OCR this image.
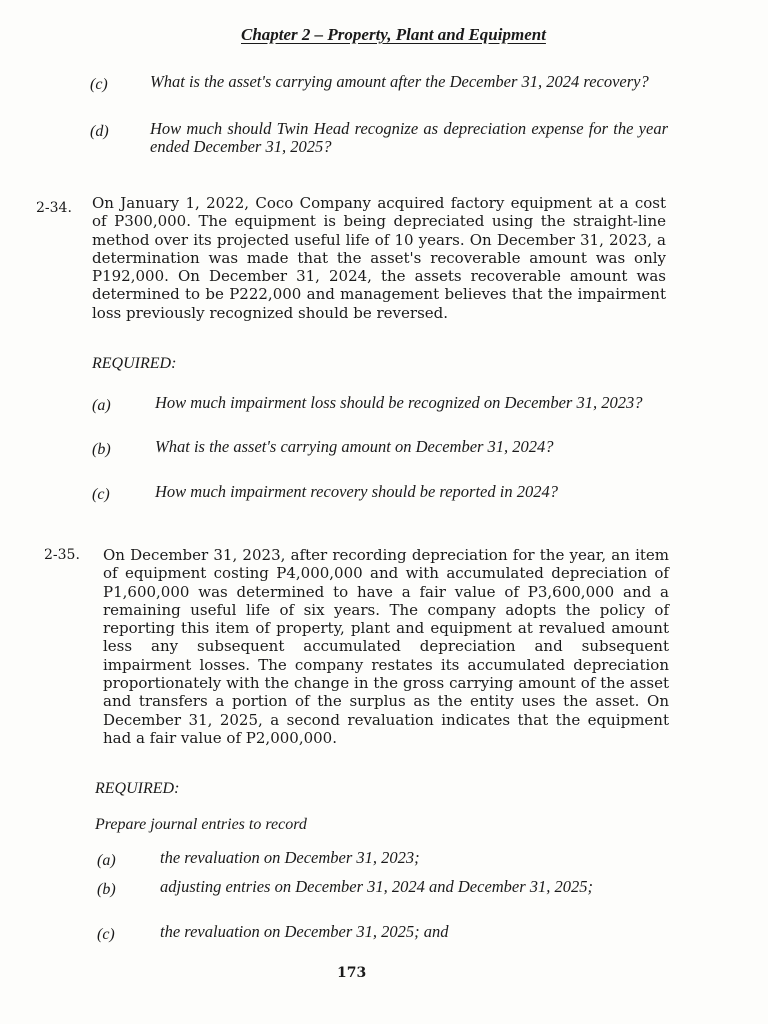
Chapter 2 – Property, Plant and Equipment
(c)	What is the asset's carrying amount after the December 31, 2024 recovery?

(d)	How much should Twin Head recognize as depreciation expense for the year ended December 31, 2025?

2-34. On January 1, 2022, Coco Company acquired factory equipment at a cost of P300,000. The equipment is being depreciated using the straight-line method over its projected useful life of 10 years. On December 31, 2023, a determination was made that the asset's recoverable amount was only P192,000. On December 31, 2024, the assets recoverable amount was determined to be P222,000 and management believes that the impairment loss previously recognized should be reversed.

REQUIRED:
(a)	How much impairment loss should be recognized on December 31, 2023?

(b)	What is the asset's carrying amount on December 31, 2024?

(c)	How much impairment recovery should be reported in 2024?

2-35. On December 31, 2023, after recording depreciation for the year, an item of equipment costing P4,000,000 and with accumulated depreciation of P1,600,000 was determined to have a fair value of P3,600,000 and a remaining useful life of six years. The company adopts the policy of reporting this item of property, plant and equipment at revalued amount less any subsequent accumulated depreciation and subsequent impairment losses. The company restates its accumulated depreciation proportionately with the change in the gross carrying amount of the asset and transfers a portion of the surplus as the entity uses the asset. On December 31, 2025, a second revaluation indicates that the equipment had a fair value of P2,000,000.

REQUIRED:
Prepare journal entries to record
(a)	the revaluation on December 31, 2023;

(b)	adjusting entries on December 31, 2024 and December 31, 2025;

(c)	the revaluation on December 31, 2025; and

173
